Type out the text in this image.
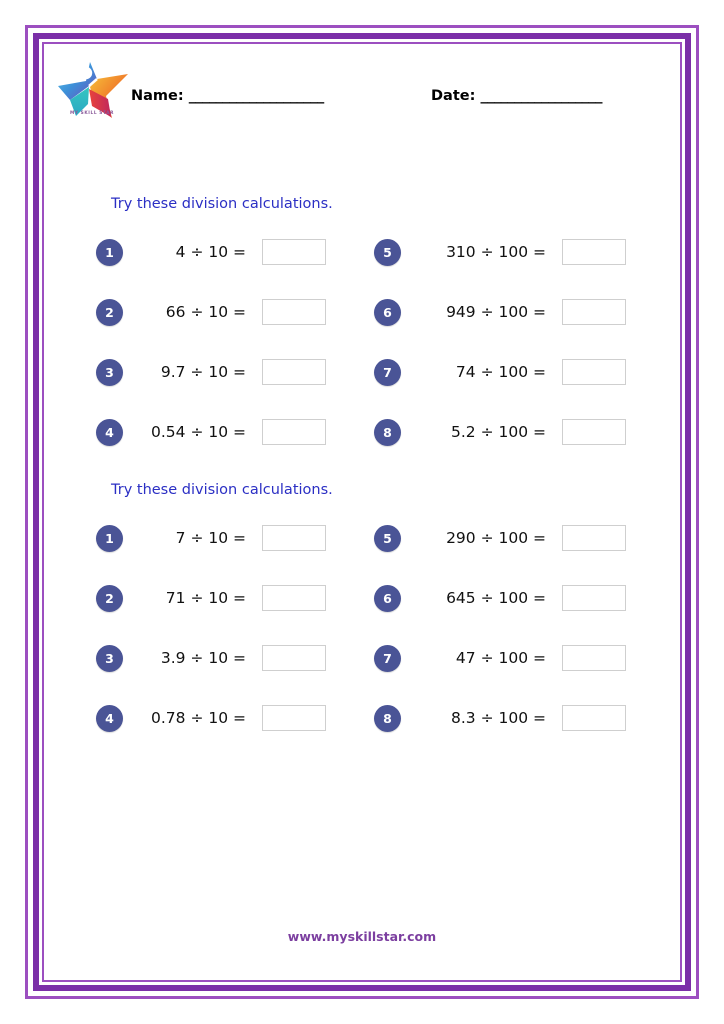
MY SKILL STAR
Name: ____________________	Date: __________________
Try these division calculations.
1	4 ÷ 10 =
2	66 ÷ 10 =
3	9.7 ÷ 10 =
4	0.54 ÷ 10 =
5	310 ÷ 100 =
6	949 ÷ 100 =
7	74 ÷ 100 =
8	5.2 ÷ 100 =
Try these division calculations.
1	7 ÷ 10 =
2	71 ÷ 10 =
3	3.9 ÷ 10 =
4	0.78 ÷ 10 =
5	290 ÷ 100 =
6	645 ÷ 100 =
7	47 ÷ 100 =
8	8.3 ÷ 100 =
www.myskillstar.com
